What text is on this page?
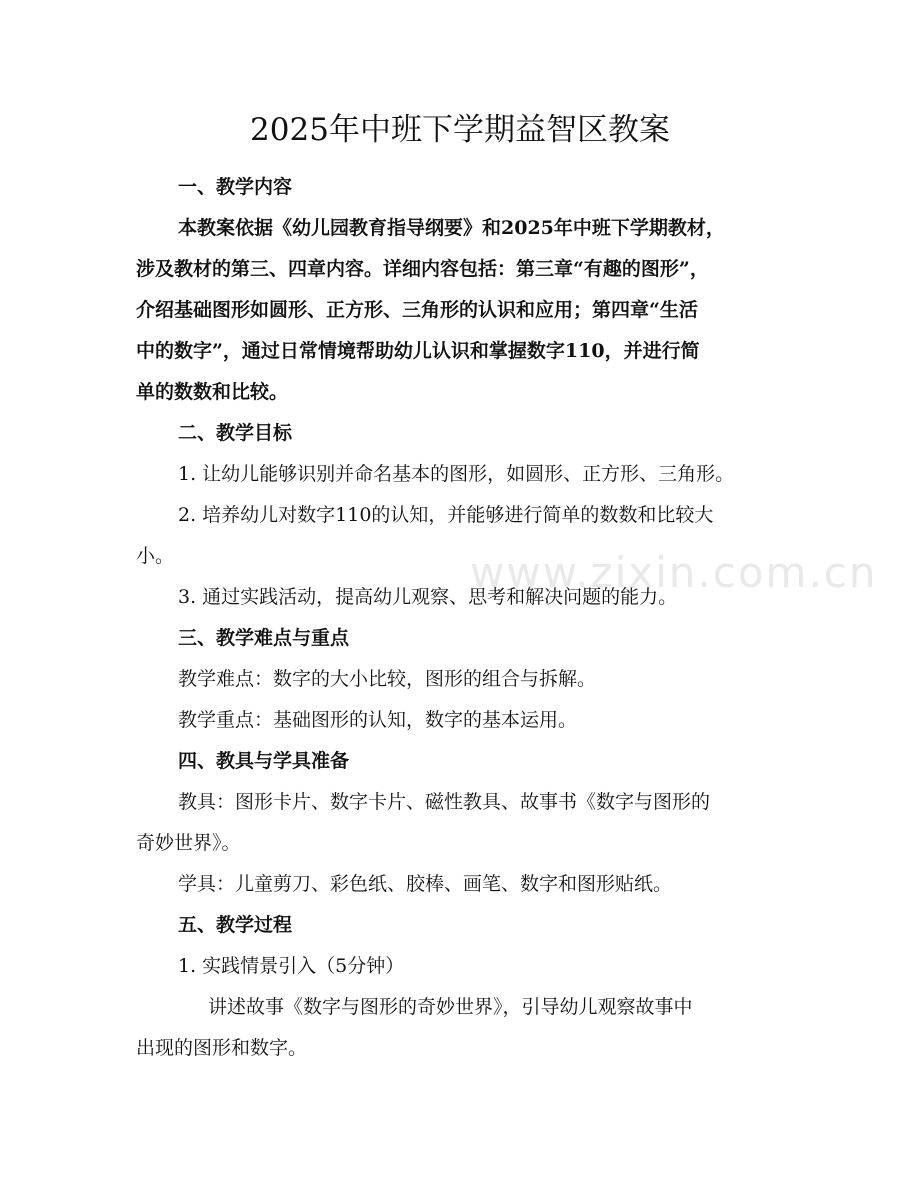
www.zixin.com.cn
2025年中班下学期益智区教案
一、教学内容
本教案依据《幼儿园教育指导纲要》和2025年中班下学期教材，
涉及教材的第三、四章内容。详细内容包括：第三章“有趣的图形”，
介绍基础图形如圆形、正方形、三角形的认识和应用；第四章“生活
中的数字”，通过日常情境帮助幼儿认识和掌握数字110，并进行简
单的数数和比较。
二、教学目标
1. 让幼儿能够识别并命名基本的图形，如圆形、正方形、三角形。
2. 培养幼儿对数字110的认知，并能够进行简单的数数和比较大
小。
3. 通过实践活动，提高幼儿观察、思考和解决问题的能力。
三、教学难点与重点
教学难点：数字的大小比较，图形的组合与拆解。
教学重点：基础图形的认知，数字的基本运用。
四、教具与学具准备
教具：图形卡片、数字卡片、磁性教具、故事书《数字与图形的
奇妙世界》。
学具：儿童剪刀、彩色纸、胶棒、画笔、数字和图形贴纸。
五、教学过程
1. 实践情景引入（5分钟）
讲述故事《数字与图形的奇妙世界》，引导幼儿观察故事中
出现的图形和数字。
